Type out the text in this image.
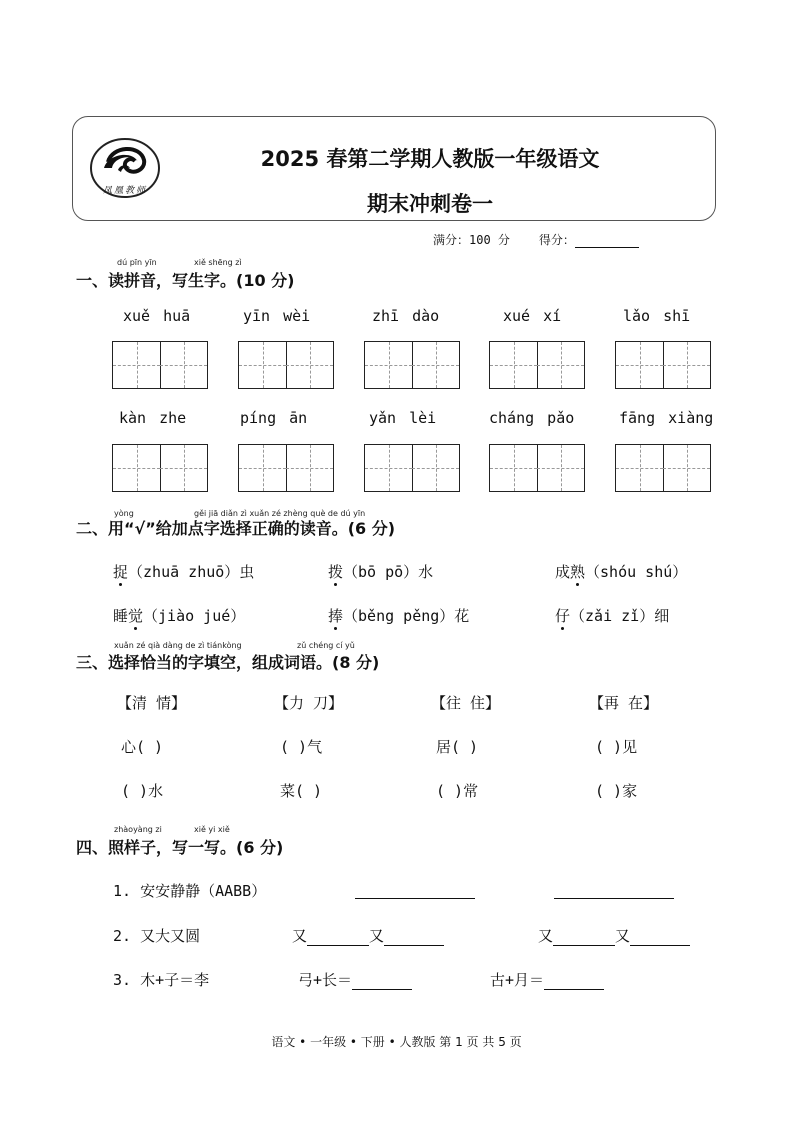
凤凰教师
2025 春第二学期人教版一年级语文
期末冲刺卷一
满分：100 分 得分：
dú pīn yīn	xiě shēng zì
一、读拼音，写生字。(10 分)
xuě huā	yīn wèi	zhī dào	xué xí	lǎo shī
kàn zhe	píng ān	yǎn lèi	cháng pǎo	fāng xiàng
yòng	gěi jiā diǎn zì xuǎn zé zhèng què de dú yīn
二、用“√”给加点字选择正确的读音。(6 分)
捉（zhuā zhuō）虫	拨（bō pō）水	成熟（shóu shú）
睡觉（jiào jué）	捧（běng pěng）花	仔（zǎi zǐ）细
xuǎn zé qià dàng de zì tiánkòng	zǔ chéng cí yǔ
三、选择恰当的字填空，组成词语。(8 分)
【清 情】	【力 刀】	【往 住】	【再 在】
心( )	( )气	居( )	( )见
( )水	菜( )	( )常	( )家
zhàoyàng zi	xiě yi xiě
四、照样子，写一写。(6 分)
1. 安安静静（AABB）
2. 又大又圆	又	又	又	又
3. 木+子＝李	弓+长＝	古+月＝
语文 • 一年级 • 下册 • 人教版 第 1 页 共 5 页
